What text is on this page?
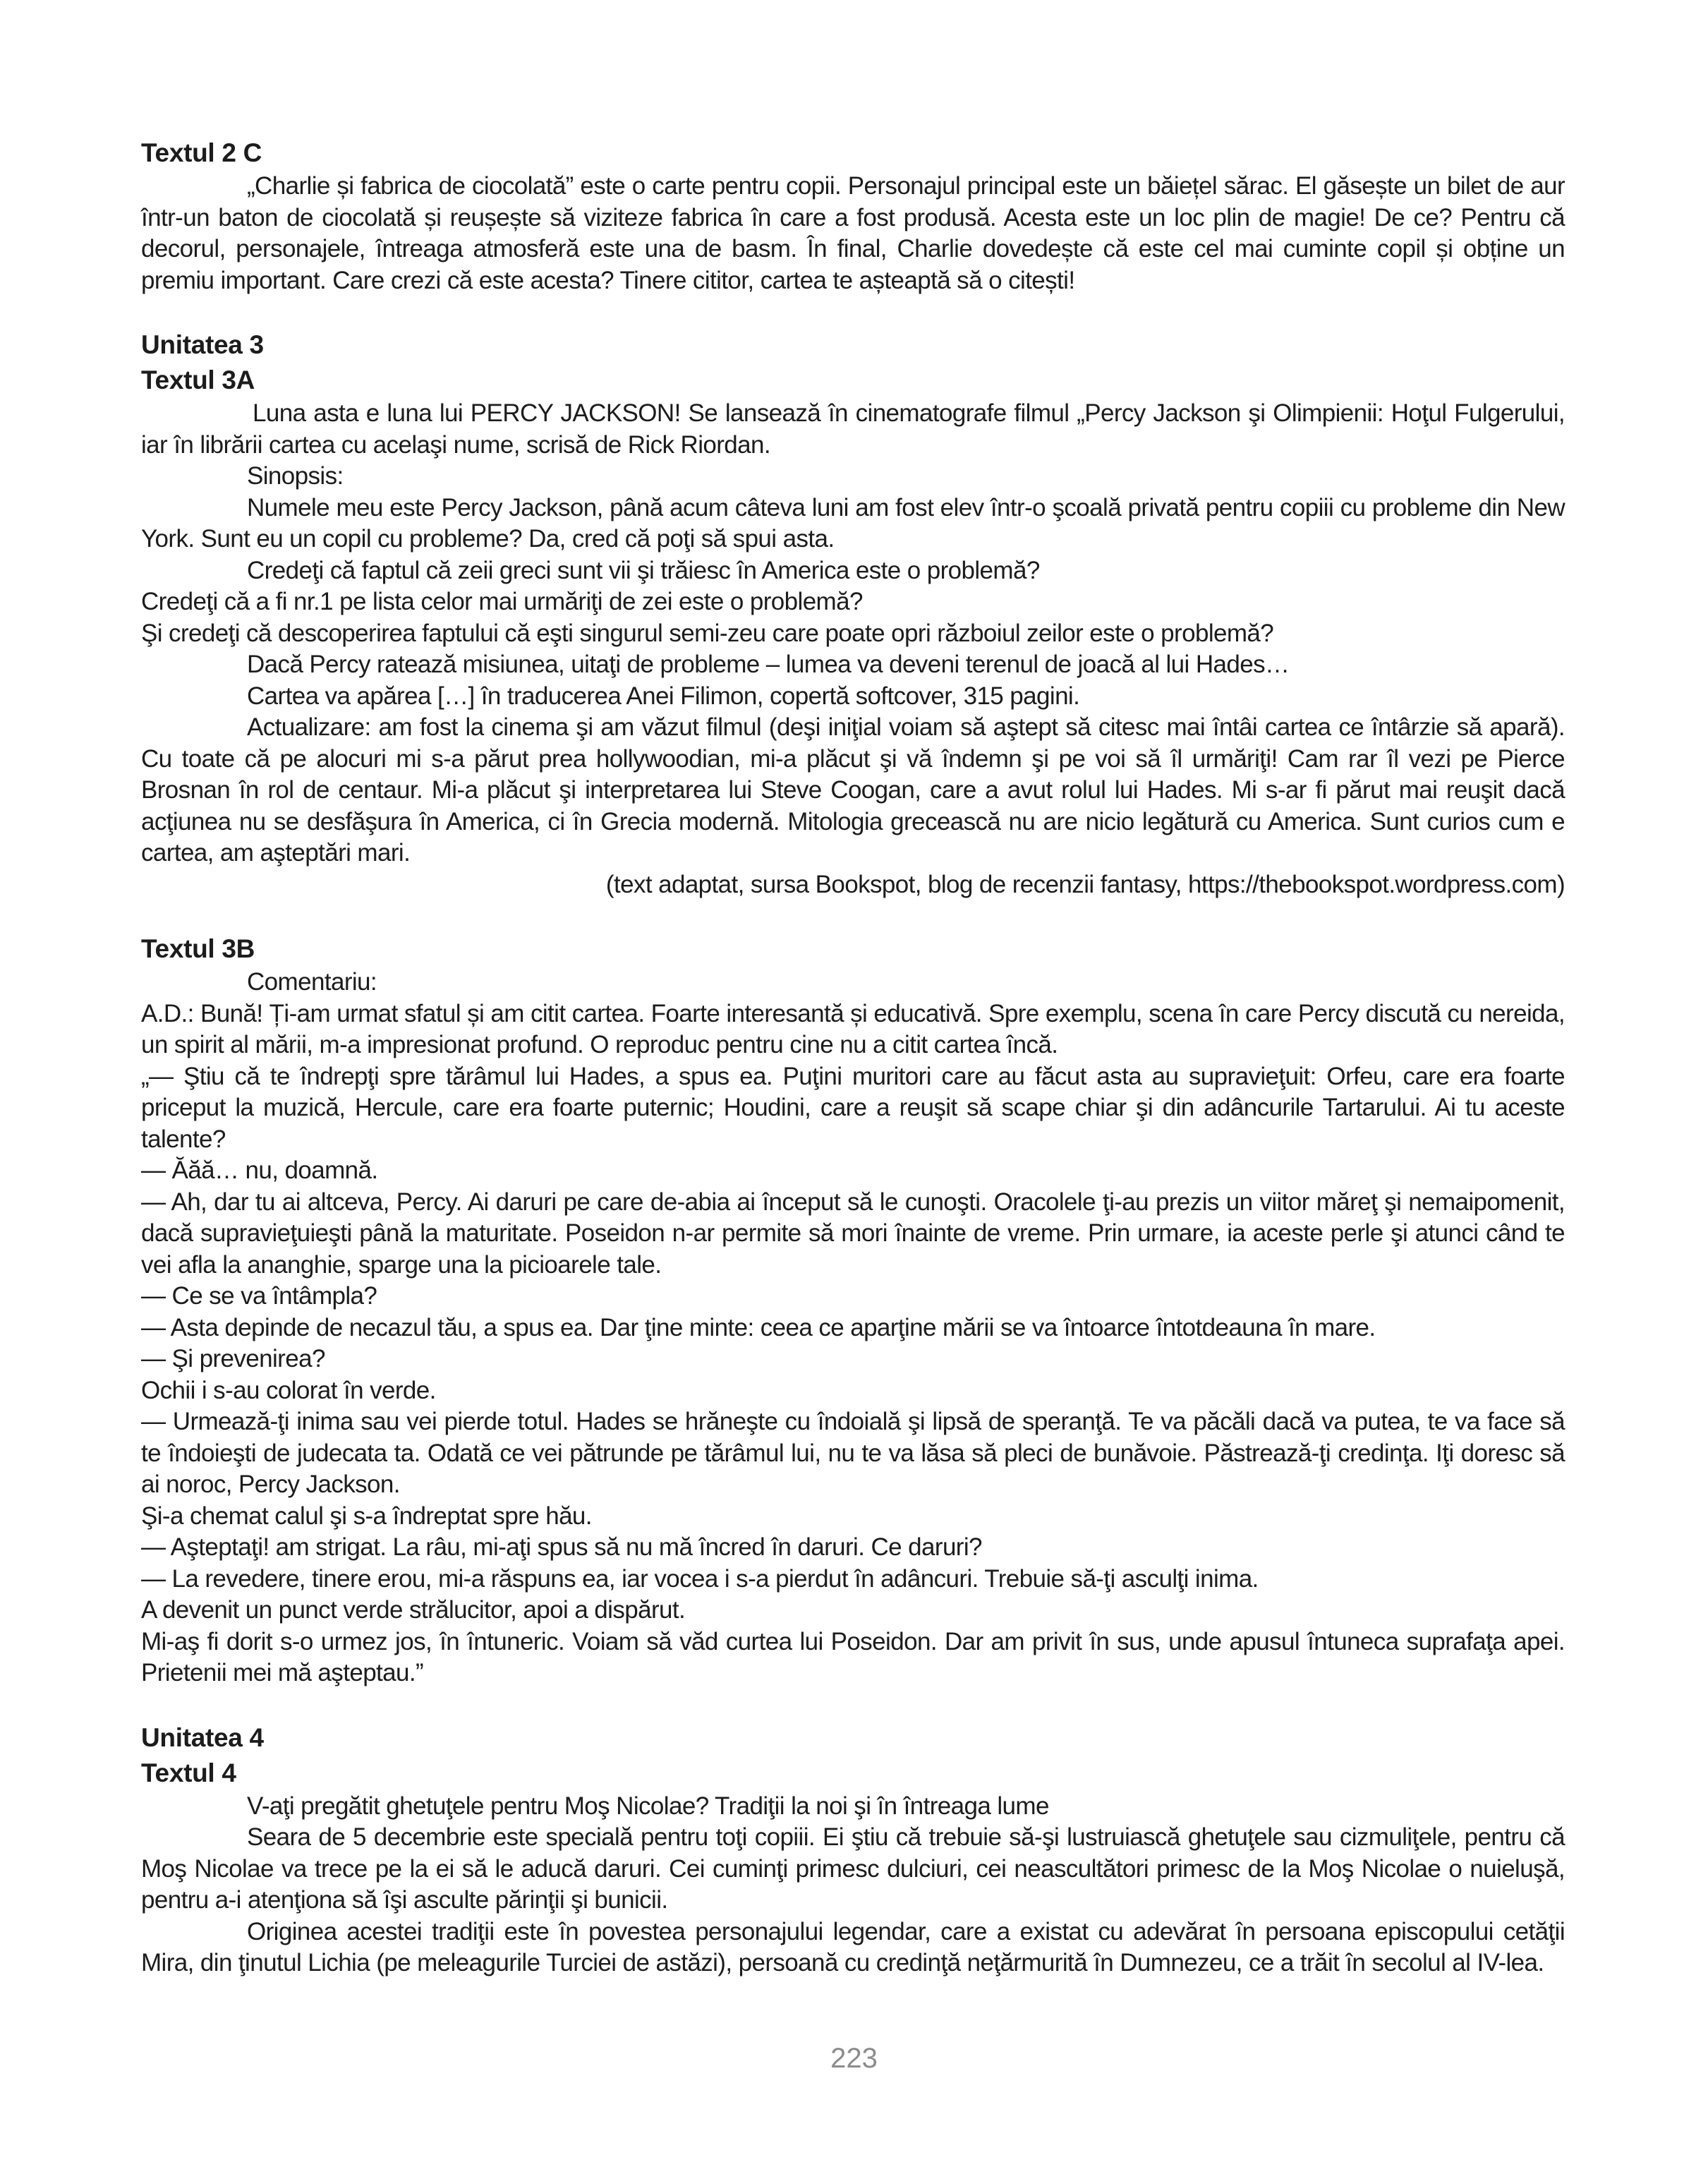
Textul 2 C

„Charlie și fabrica de ciocolată” este o carte pentru copii. Personajul principal este un băiețel sărac. El găsește un bilet de aur într-un baton de ciocolată și reușește să viziteze fabrica în care a fost produsă. Acesta este un loc plin de magie! De ce? Pentru că decorul, personajele, întreaga atmosferă este una de basm. În final, Charlie dovedește că este cel mai cuminte copil și obține un premiu important. Care crezi că este acesta? Tinere cititor, cartea te așteaptă să o citești!

Unitatea 3
Textul 3A

Luna asta e luna lui PERCY JACKSON! Se lansează în cinematografe filmul „Percy Jackson şi Olimpienii: Hoţul Fulgerului, iar în librării cartea cu acelaşi nume, scrisă de Rick Riordan.

Sinopsis:

Numele meu este Percy Jackson, până acum câteva luni am fost elev într-o şcoală privată pentru copiii cu probleme din New York. Sunt eu un copil cu probleme? Da, cred că poţi să spui asta.

Credeţi că faptul că zeii greci sunt vii şi trăiesc în America este o problemă?

Credeţi că a fi nr.1 pe lista celor mai urmăriţi de zei este o problemă?

Şi credeţi că descoperirea faptului că eşti singurul semi-zeu care poate opri războiul zeilor este o problemă?

Dacă Percy ratează misiunea, uitaţi de probleme – lumea va deveni terenul de joacă al lui Hades…

Cartea va apărea […] în traducerea Anei Filimon, copertă softcover, 315 pagini.

Actualizare: am fost la cinema şi am văzut filmul (deşi iniţial voiam să aştept să citesc mai întâi cartea ce întârzie să apară). Cu toate că pe alocuri mi s-a părut prea hollywoodian, mi-a plăcut şi vă îndemn şi pe voi să îl urmăriţi! Cam rar îl vezi pe Pierce Brosnan în rol de centaur. Mi-a plăcut şi interpretarea lui Steve Coogan, care a avut rolul lui Hades. Mi s-ar fi părut mai reuşit dacă acţiunea nu se desfăşura în America, ci în Grecia modernă. Mitologia grecească nu are nicio legătură cu America. Sunt curios cum e cartea, am aşteptări mari.

(text adaptat, sursa Bookspot, blog de recenzii fantasy, https://thebookspot.wordpress.com)

Textul 3B

Comentariu:

A.D.: Bună! Ți-am urmat sfatul și am citit cartea. Foarte interesantă și educativă. Spre exemplu, scena în care Percy discută cu nereida, un spirit al mării, m-a impresionat profund. O reproduc pentru cine nu a citit cartea încă.

„— Ştiu că te îndrepţi spre tărâmul lui Hades, a spus ea. Puţini muritori care au făcut asta au supravieţuit: Orfeu, care era foarte priceput la muzică, Hercule, care era foarte puternic; Houdini, care a reuşit să scape chiar şi din adâncurile Tartarului. Ai tu aceste talente?

— Ăăă… nu, doamnă.

— Ah, dar tu ai altceva, Percy. Ai daruri pe care de-abia ai început să le cunoşti. Oracolele ţi-au prezis un viitor măreţ şi nemaipomenit, dacă supravieţuieşti până la maturitate. Poseidon n-ar permite să mori înainte de vreme. Prin urmare, ia aceste perle şi atunci când te vei afla la ananghie, sparge una la picioarele tale.

— Ce se va întâmpla?

— Asta depinde de necazul tău, a spus ea. Dar ţine minte: ceea ce aparţine mării se va întoarce întotdeauna în mare.

— Şi prevenirea?

Ochii i s-au colorat în verde.

— Urmează-ţi inima sau vei pierde totul. Hades se hrăneşte cu îndoială şi lipsă de speranţă. Te va păcăli dacă va putea, te va face să te îndoieşti de judecata ta. Odată ce vei pătrunde pe tărâmul lui, nu te va lăsa să pleci de bunăvoie. Păstrează-ţi credinţa. Iţi doresc să ai noroc, Percy Jackson.

Şi-a chemat calul şi s-a îndreptat spre hău.

— Aşteptaţi! am strigat. La râu, mi-aţi spus să nu mă încred în daruri. Ce daruri?

— La revedere, tinere erou, mi-a răspuns ea, iar vocea i s-a pierdut în adâncuri. Trebuie să-ţi asculţi inima.

A devenit un punct verde strălucitor, apoi a dispărut.

Mi-aş fi dorit s-o urmez jos, în întuneric. Voiam să văd curtea lui Poseidon. Dar am privit în sus, unde apusul întuneca suprafaţa apei. Prietenii mei mă aşteptau.”

Unitatea 4
Textul 4

V-aţi pregătit ghetuţele pentru Moş Nicolae? Tradiţii la noi şi în întreaga lume

Seara de 5 decembrie este specială pentru toţi copiii. Ei ştiu că trebuie să-şi lustruiască ghetuţele sau cizmuliţele, pentru că Moş Nicolae va trece pe la ei să le aducă daruri. Cei cuminţi primesc dulciuri, cei neascultători primesc de la Moş Nicolae o nuieluşă, pentru a-i atenţiona să îşi asculte părinţii şi bunicii.

Originea acestei tradiţii este în povestea personajului legendar, care a existat cu adevărat în persoana episcopului cetăţii Mira, din ţinutul Lichia (pe meleagurile Turciei de astăzi), persoană cu credinţă neţărmurită în Dumnezeu, ce a trăit în secolul al IV-lea.

223
